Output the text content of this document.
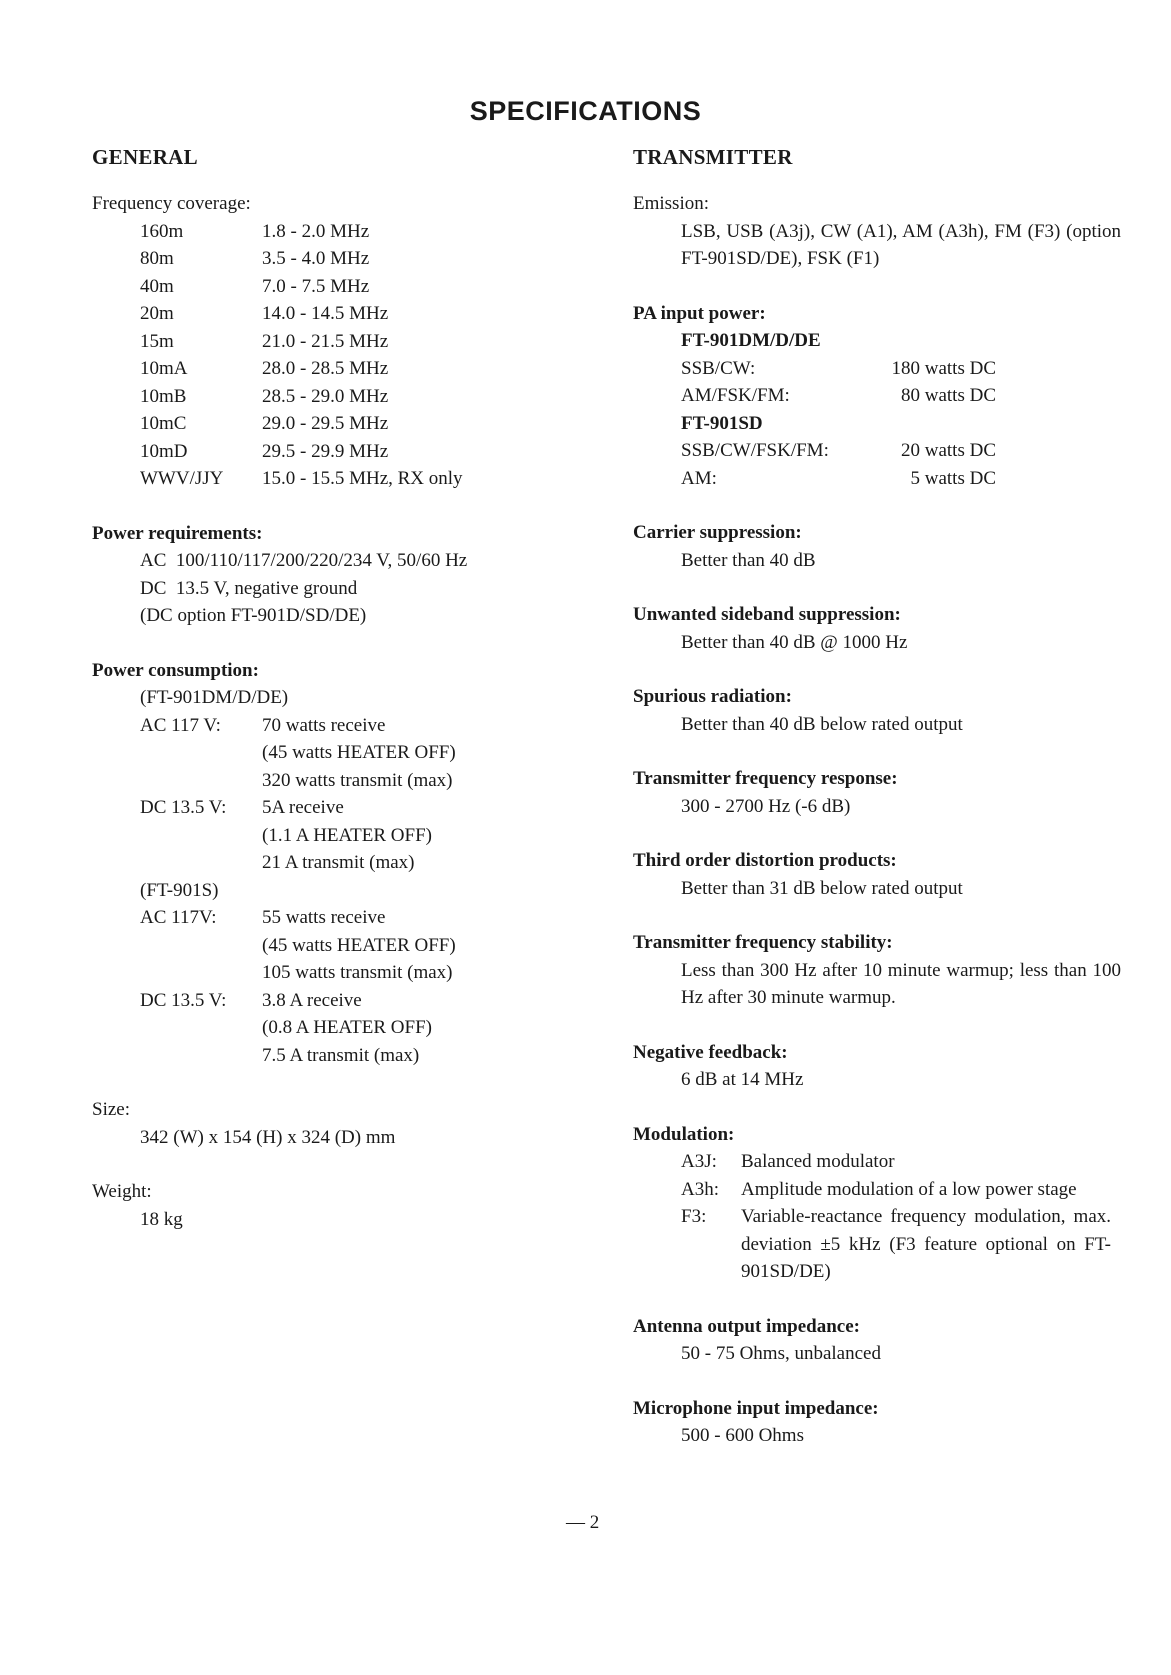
SPECIFICATIONS
GENERAL
Frequency coverage:
160m	1.8 - 2.0 MHz
80m	3.5 - 4.0 MHz
40m	7.0 - 7.5 MHz
20m	14.0 - 14.5 MHz
15m	21.0 - 21.5 MHz
10mA	28.0 - 28.5 MHz
10mB	28.5 - 29.0 MHz
10mC	29.0 - 29.5 MHz
10mD	29.5 - 29.9 MHz
WWV/JJY	15.0 - 15.5 MHz, RX only
Power requirements:
AC  100/110/117/200/220/234 V, 50/60 Hz
DC  13.5 V, negative ground
(DC option FT-901D/SD/DE)
Power consumption:
(FT-901DM/D/DE)
AC 117 V:	70 watts receive
(45 watts HEATER OFF)
320 watts transmit (max)
DC 13.5 V:	5A receive
(1.1 A HEATER OFF)
21 A transmit (max)
(FT-901S)
AC 117V:	55 watts receive
(45 watts HEATER OFF)
105 watts transmit (max)
DC 13.5 V:	3.8 A receive
(0.8 A HEATER OFF)
7.5 A transmit (max)
Size:
342 (W) x 154 (H) x 324 (D) mm
Weight:
18 kg
TRANSMITTER
Emission:
LSB, USB (A3j), CW (A1), AM (A3h), FM (F3) (option FT-901SD/DE), FSK (F1)
PA input power:
FT-901DM/D/DE
SSB/CW:	180 watts DC
AM/FSK/FM:	80 watts DC
FT-901SD
SSB/CW/FSK/FM:	20 watts DC
AM:	5 watts DC
Carrier suppression:
Better than 40 dB
Unwanted sideband suppression:
Better than 40 dB @ 1000 Hz
Spurious radiation:
Better than 40 dB below rated output
Transmitter frequency response:
300 - 2700 Hz (-6 dB)
Third order distortion products:
Better than 31 dB below rated output
Transmitter frequency stability:
Less than 300 Hz after 10 minute warmup; less than 100 Hz after 30 minute warmup.
Negative feedback:
6 dB at 14 MHz
Modulation:
A3J:	Balanced modulator
A3h:	Amplitude modulation of a low power stage
F3:	Variable-reactance frequency modulation, max. deviation ±5 kHz (F3 feature optional on FT-901SD/DE)
Antenna output impedance:
50 - 75 Ohms, unbalanced
Microphone input impedance:
500 - 600 Ohms
— 2
